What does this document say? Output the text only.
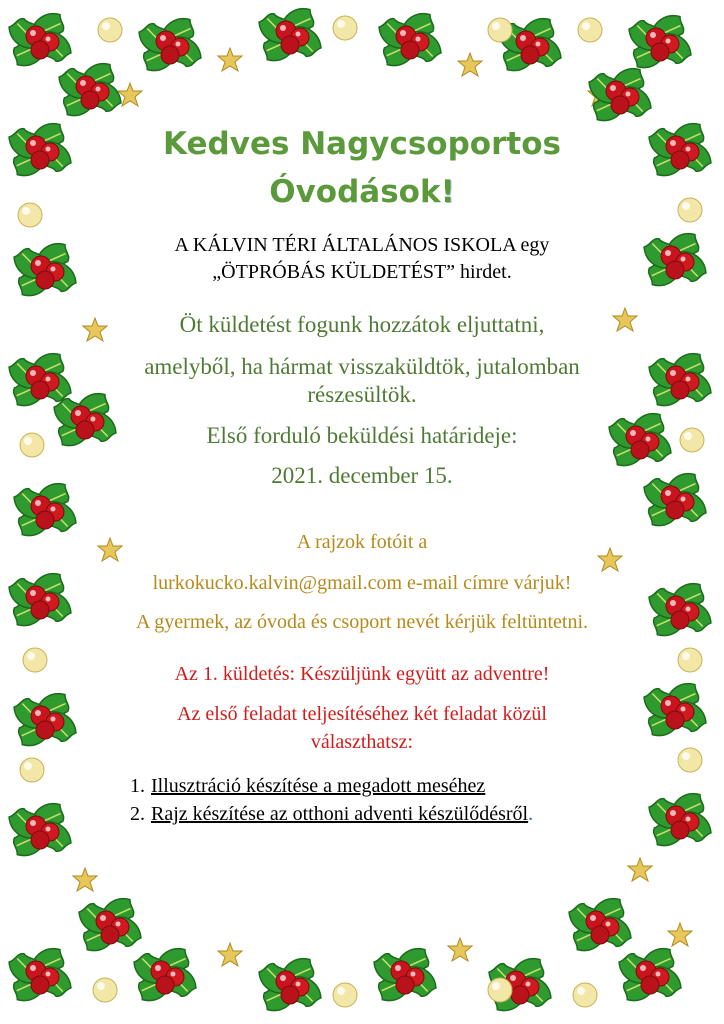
Kedves Nagycsoportos
Óvodások!
A KÁLVIN TÉRI ÁLTALÁNOS ISKOLA egy
„ÖTPRÓBÁS KÜLDETÉST” hirdet.

Öt küldetést fogunk hozzátok eljuttatni,

amelyből, ha hármat visszaküldtök, jutalomban

részesültök.

Első forduló beküldési határideje:

2021. december 15.

A rajzok fotóit a
lurkokucko.kalvin@gmail.com e-mail címre várjuk!
A gyermek, az óvoda és csoport nevét kérjük feltüntetni.
Az 1. küldetés: Készüljünk együtt az adventre!
Az első feladat teljesítéséhez két feladat közül
választhatsz:
1. Illusztráció készítése a megadott meséhez
2. Rajz készítése az otthoni adventi készülődésről.
